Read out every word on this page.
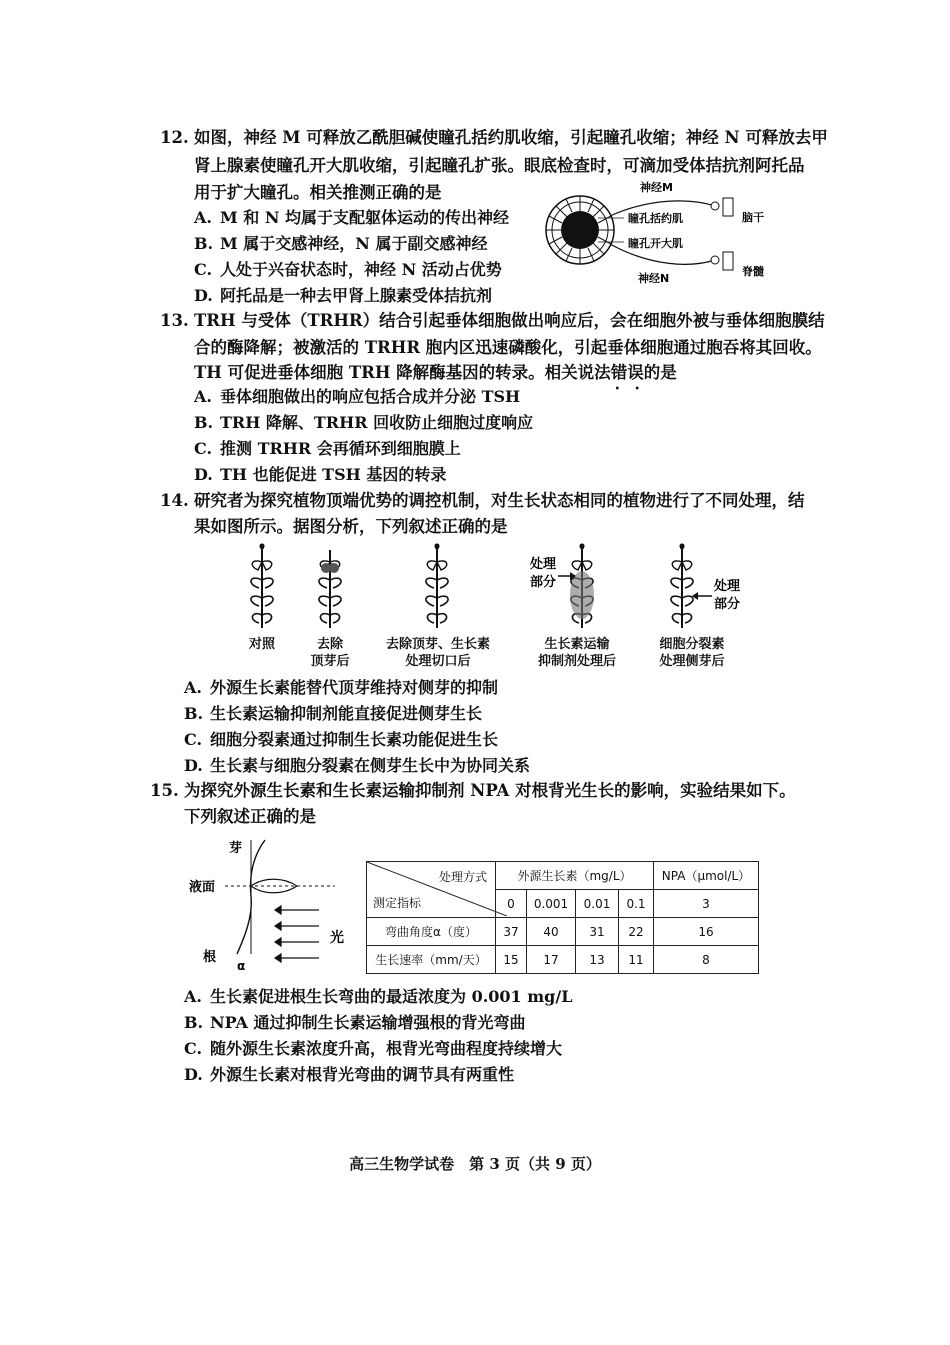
12. 如图，神经 M 可释放乙酰胆碱使瞳孔括约肌收缩，引起瞳孔收缩；神经 N 可释放去甲
肾上腺素使瞳孔开大肌收缩，引起瞳孔扩张。眼底检查时，可滴加受体拮抗剂阿托品
用于扩大瞳孔。相关推测正确的是
A. M 和 N 均属于支配躯体运动的传出神经
B. M 属于交感神经，N 属于副交感神经
C. 人处于兴奋状态时，神经 N 活动占优势
D. 阿托品是一种去甲肾上腺素受体拮抗剂
神经M
瞳孔括约肌
瞳孔开大肌
神经N
脑干
脊髓
13. TRH 与受体（TRHR）结合引起垂体细胞做出响应后，会在细胞外被与垂体细胞膜结
合的酶降解；被激活的 TRHR 胞内区迅速磷酸化，引起垂体细胞通过胞吞将其回收。
TH 可促进垂体细胞 TRH 降解酶基因的转录。相关说法错误 • •的是
A. 垂体细胞做出的响应包括合成并分泌 TSH
B. TRH 降解、TRHR 回收防止细胞过度响应
C. 推测 TRHR 会再循环到细胞膜上
D. TH 也能促进 TSH 基因的转录
14. 研究者为探究植物顶端优势的调控机制，对生长状态相同的植物进行了不同处理，结
果如图所示。据图分析，下列叙述正确的是
处理
部分	处理
部分
对照	去除
顶芽后
去除顶芽、生长素
处理切口后
生长素运输
抑制剂处理后
细胞分裂素
处理侧芽后
A. 外源生长素能替代顶芽维持对侧芽的抑制
B. 生长素运输抑制剂能直接促进侧芽生长
C. 细胞分裂素通过抑制生长素功能促进生长
D. 生长素与细胞分裂素在侧芽生长中为协同关系
15. 为探究外源生长素和生长素运输抑制剂 NPA 对根背光生长的影响，实验结果如下。
下列叙述正确的是
芽
液面
根
α
光
处理方式
测定指标	外源生长素（mg/L）				NPA（μmol/L）
	0	0.001	0.01	0.1	3
弯曲角度α（度）	37	40	31	22	16
生长速率（mm/天）	15	17	13	11	8
A. 生长素促进根生长弯曲的最适浓度为 0.001 mg/L
B. NPA 通过抑制生长素运输增强根的背光弯曲
C. 随外源生长素浓度升高，根背光弯曲程度持续增大
D. 外源生长素对根背光弯曲的调节具有两重性
高三生物学试卷　第 3 页（共 9 页）
